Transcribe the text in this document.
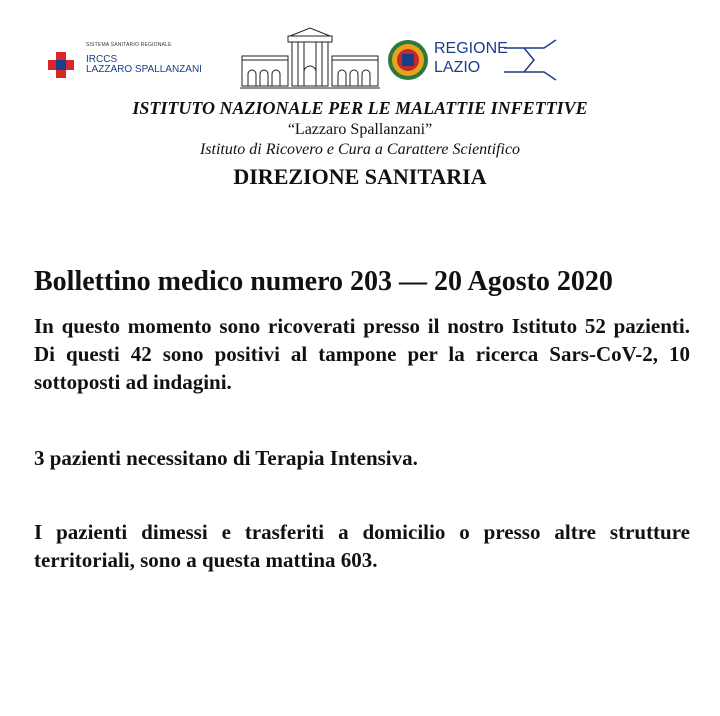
SISTEMA SANITARIO REGIONALE
IRCCS
LAZZARO SPALLANZANI
REGIONE
LAZIO
ISTITUTO NAZIONALE PER LE MALATTIE INFETTIVE
“Lazzaro Spallanzani”
Istituto di Ricovero e Cura a Carattere Scientifico
DIREZIONE SANITARIA
Bollettino medico numero 203 — 20 Agosto 2020

In questo momento sono ricoverati presso il nostro Istituto 52 pazienti. Di questi 42 sono positivi al tampone per la ricerca Sars-CoV-2, 10 sottoposti ad indagini.

3 pazienti necessitano di Terapia Intensiva.

I pazienti dimessi e trasferiti a domicilio o presso altre strutture territoriali, sono a questa mattina 603.
